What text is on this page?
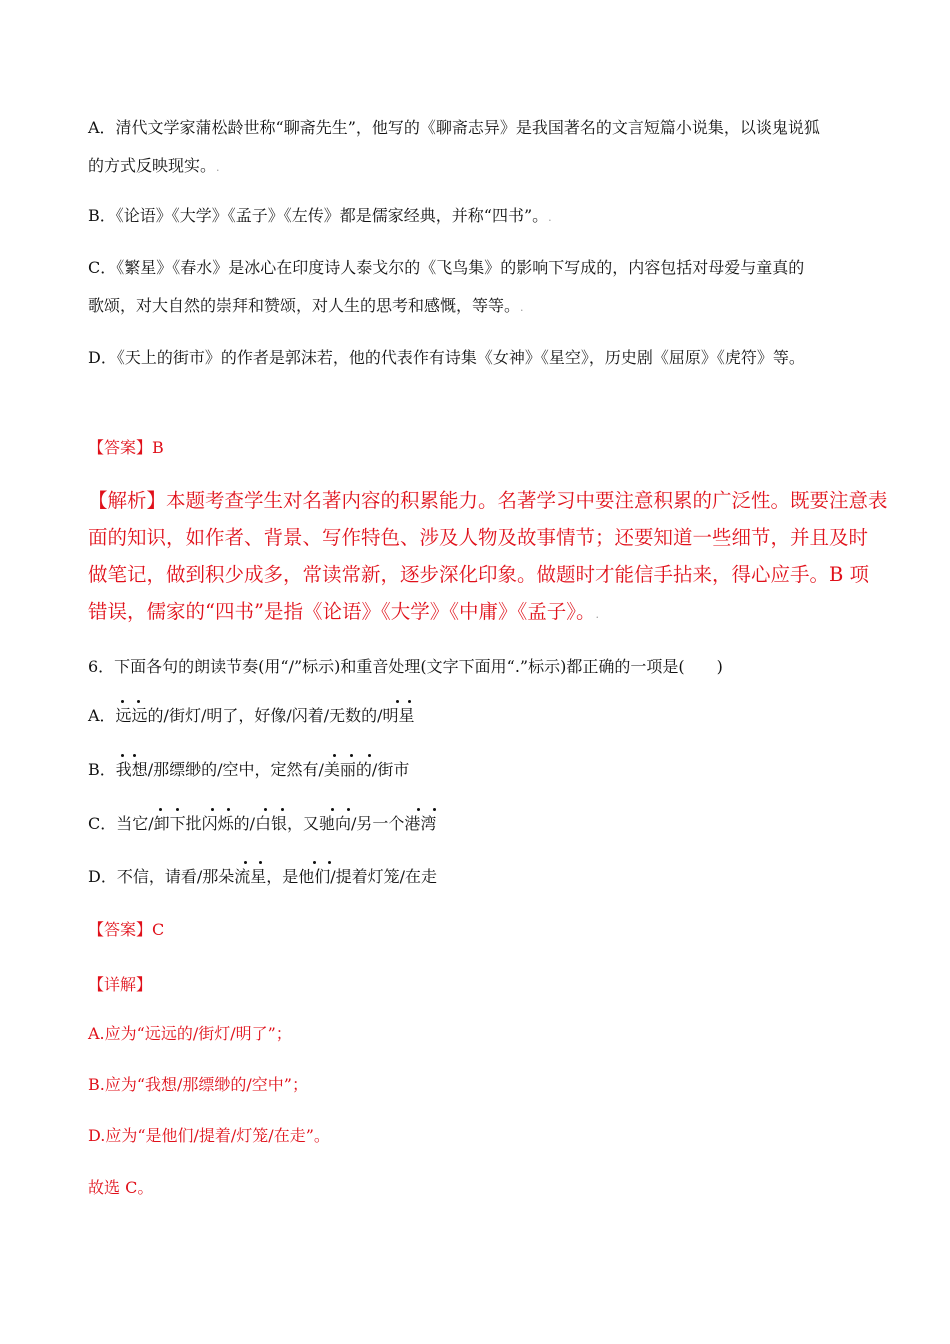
A．清代文学家蒲松龄世称“聊斋先生”，他写的《聊斋志异》是我国著名的文言短篇小说集，以谈鬼说狐
的方式反映现实。.
B．《论语》《大学》《孟子》《左传》都是儒家经典，并称“四书”。.
C．《繁星》《春水》是冰心在印度诗人泰戈尔的《飞鸟集》的影响下写成的，内容包括对母爱与童真的
歌颂，对大自然的崇拜和赞颂，对人生的思考和感慨，等等。.
D．《天上的街市》的作者是郭沫若，他的代表作有诗集《女神》《星空》，历史剧《屈原》《虎符》等。
【答案】B
【解析】本题考查学生对名著内容的积累能力。名著学习中要注意积累的广泛性。既要注意表
面的知识，如作者、背景、写作特色、涉及人物及故事情节；还要知道一些细节，并且及时
做笔记，做到积少成多，常读常新，逐步深化印象。做题时才能信手拈来，得心应手。B 项
错误，儒家的“四书”是指《论语》《大学》《中庸》《孟子》。.
6．下面各句的朗读节奏(用“/”标示)和重音处理(文字下面用“.”标示)都正确的一项是(　　)
A．远远的/街灯/明了，好像/闪着/无数的/明星
B．我想/那缥缈的/空中，定然有/美丽的/街市
C．当它/卸下批闪烁的/白银，又驰向/另一个港湾
D．不信，请看/那朵流星，是他们/提着灯笼/在走
【答案】C
【详解】
A.应为“远远的/街灯/明了”；
B.应为“我想/那缥缈的/空中”；
D.应为“是他们/提着/灯笼/在走”。
故选 C。
